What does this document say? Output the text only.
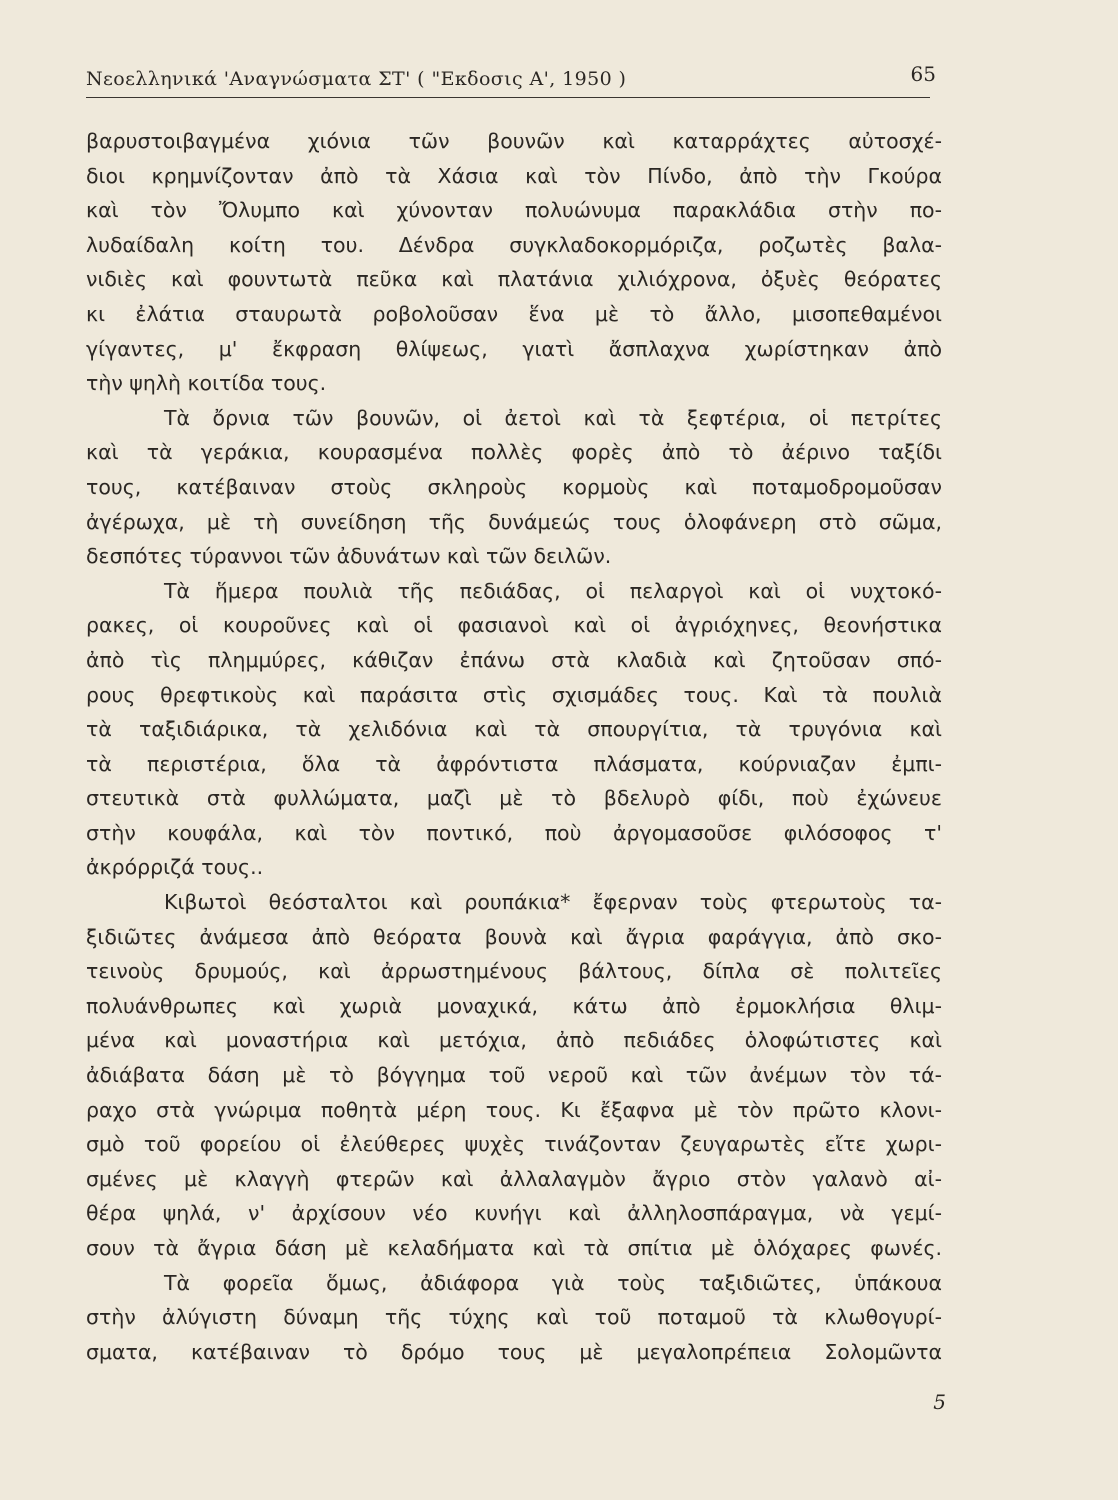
Νεοελληνικά 'Αναγνώσματα ΣΤ' ( "Εκδοσις Α', 1950 )	65
βαρυστοιβαγμένα χιόνια τῶν βουνῶν καὶ καταρράχτες αὐτοσχέ-
διοι κρημνίζονταν ἀπὸ τὰ Χάσια καὶ τὸν Πίνδο, ἀπὸ τὴν Γκούρα
καὶ τὸν Ὄλυμπο καὶ χύνονταν πολυώνυμα παρακλάδια στὴν πο-
λυδαίδαλη κοίτη του. Δένδρα συγκλαδοκορμόριζα, ροζωτὲς βαλα-
νιδιὲς καὶ φουντωτὰ πεῦκα καὶ πλατάνια χιλιόχρονα, ὀξυὲς θεόρατες
κι ἐλάτια σταυρωτὰ ροβολοῦσαν ἕνα μὲ τὸ ἄλλο, μισοπεθαμένοι
γίγαντες, μ' ἔκφραση θλίψεως, γιατὶ ἄσπλαχνα χωρίστηκαν ἀπὸ
τὴν ψηλὴ κοιτίδα τους.
Τὰ ὄρνια τῶν βουνῶν, οἱ ἀετοὶ καὶ τὰ ξεφτέρια, οἱ πετρίτες
καὶ τὰ γεράκια, κουρασμένα πολλὲς φορὲς ἀπὸ τὸ ἀέρινο ταξίδι
τους, κατέβαιναν στοὺς σκληροὺς κορμοὺς καὶ ποταμοδρομοῦσαν
ἀγέρωχα, μὲ τὴ συνείδηση τῆς δυνάμεώς τους ὁλοφάνερη στὸ σῶμα,
δεσπότες τύραννοι τῶν ἀδυνάτων καὶ τῶν δειλῶν.
Τὰ ἥμερα πουλιὰ τῆς πεδιάδας, οἱ πελαργοὶ καὶ οἱ νυχτοκό-
ρακες, οἱ κουροῦνες καὶ οἱ φασιανοὶ καὶ οἱ ἀγριόχηνες, θεονήστικα
ἀπὸ τὶς πλημμύρες, κάθιζαν ἐπάνω στὰ κλαδιὰ καὶ ζητοῦσαν σπό-
ρους θρεφτικοὺς καὶ παράσιτα στὶς σχισμάδες τους. Καὶ τὰ πουλιὰ
τὰ ταξιδιάρικα, τὰ χελιδόνια καὶ τὰ σπουργίτια, τὰ τρυγόνια καὶ
τὰ περιστέρια, ὅλα τὰ ἀφρόντιστα πλάσματα, κούρνιαζαν ἐμπι-
στευτικὰ στὰ φυλλώματα, μαζὶ μὲ τὸ βδελυρὸ φίδι, ποὺ ἐχώνευε
στὴν κουφάλα, καὶ τὸν ποντικό, ποὺ ἀργομασοῦσε φιλόσοφος τ'
ἀκρόρριζά τους..
Κιβωτοὶ θεόσταλτοι καὶ ρουπάκια* ἔφερναν τοὺς φτερωτοὺς τα-
ξιδιῶτες ἀνάμεσα ἀπὸ θεόρατα βουνὰ καὶ ἄγρια φαράγγια, ἀπὸ σκο-
τεινοὺς δρυμούς, καὶ ἀρρωστημένους βάλτους, δίπλα σὲ πολιτεῖες
πολυάνθρωπες καὶ χωριὰ μοναχικά, κάτω ἀπὸ ἐρμοκλήσια θλιμ-
μένα καὶ μοναστήρια καὶ μετόχια, ἀπὸ πεδιάδες ὁλοφώτιστες καὶ
ἀδιάβατα δάση μὲ τὸ βόγγημα τοῦ νεροῦ καὶ τῶν ἀνέμων τὸν τά-
ραχο στὰ γνώριμα ποθητὰ μέρη τους. Κι ἔξαφνα μὲ τὸν πρῶτο κλονι-
σμὸ τοῦ φορείου οἱ ἐλεύθερες ψυχὲς τινάζονταν ζευγαρωτὲς εἴτε χωρι-
σμένες μὲ κλαγγὴ φτερῶν καὶ ἀλλαλαγμὸν ἄγριο στὸν γαλανὸ αἰ-
θέρα ψηλά, ν' ἀρχίσουν νέο κυνήγι καὶ ἀλληλοσπάραγμα, νὰ γεμί-
σουν τὰ ἄγρια δάση μὲ κελαδήματα καὶ τὰ σπίτια μὲ ὁλόχαρες φωνές.
Τὰ φορεῖα ὅμως, ἀδιάφορα γιὰ τοὺς ταξιδιῶτες, ὑπάκουα
στὴν ἀλύγιστη δύναμη τῆς τύχης καὶ τοῦ ποταμοῦ τὰ κλωθογυρί-
σματα, κατέβαιναν τὸ δρόμο τους μὲ μεγαλοπρέπεια Σολομῶντα
5
